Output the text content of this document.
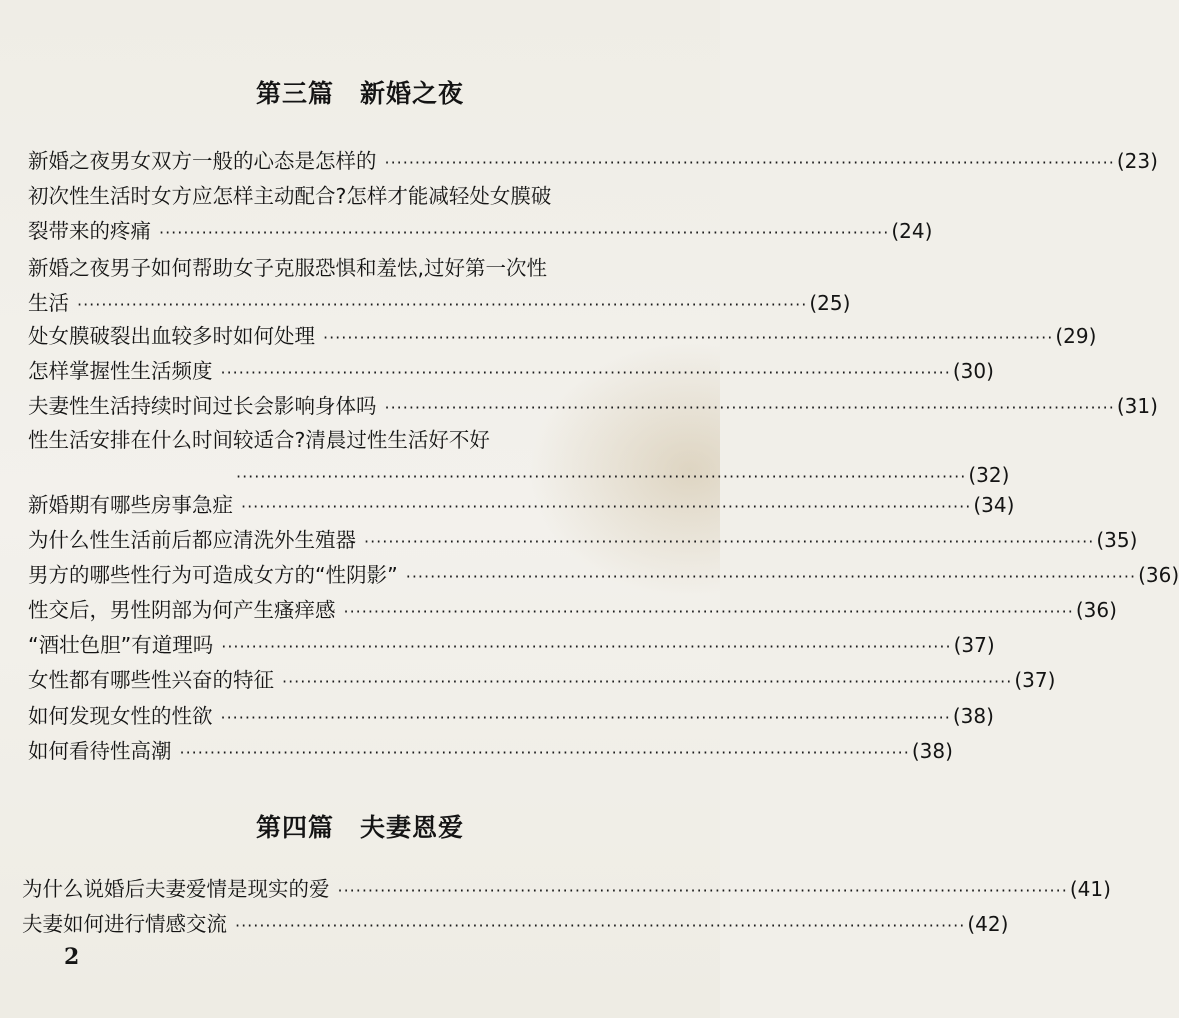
第三篇　新婚之夜
新婚之夜男女双方一般的心态是怎样的 ························································································································ (23)
初次性生活时女方应怎样主动配合?怎样才能减轻处女膜破
裂带来的疼痛 ························································································································ (24)
新婚之夜男子如何帮助女子克服恐惧和羞怯,过好第一次性
生活 ························································································································ (25)
处女膜破裂出血较多时如何处理 ························································································································ (29)
怎样掌握性生活频度 ························································································································ (30)
夫妻性生活持续时间过长会影响身体吗 ························································································································ (31)
性生活安排在什么时间较适合?清晨过性生活好不好
························································································································ (32)
新婚期有哪些房事急症 ························································································································ (34)
为什么性生活前后都应清洗外生殖器 ························································································································ (35)
男方的哪些性行为可造成女方的“性阴影” ························································································································ (36)
性交后，男性阴部为何产生瘙痒感 ························································································································ (36)
“酒壮色胆”有道理吗 ························································································································ (37)
女性都有哪些性兴奋的特征 ························································································································ (37)
如何发现女性的性欲 ························································································································ (38)
如何看待性高潮 ························································································································ (38)
第四篇　夫妻恩爱
为什么说婚后夫妻爱情是现实的爱 ························································································································ (41)
夫妻如何进行情感交流 ························································································································ (42)
2
